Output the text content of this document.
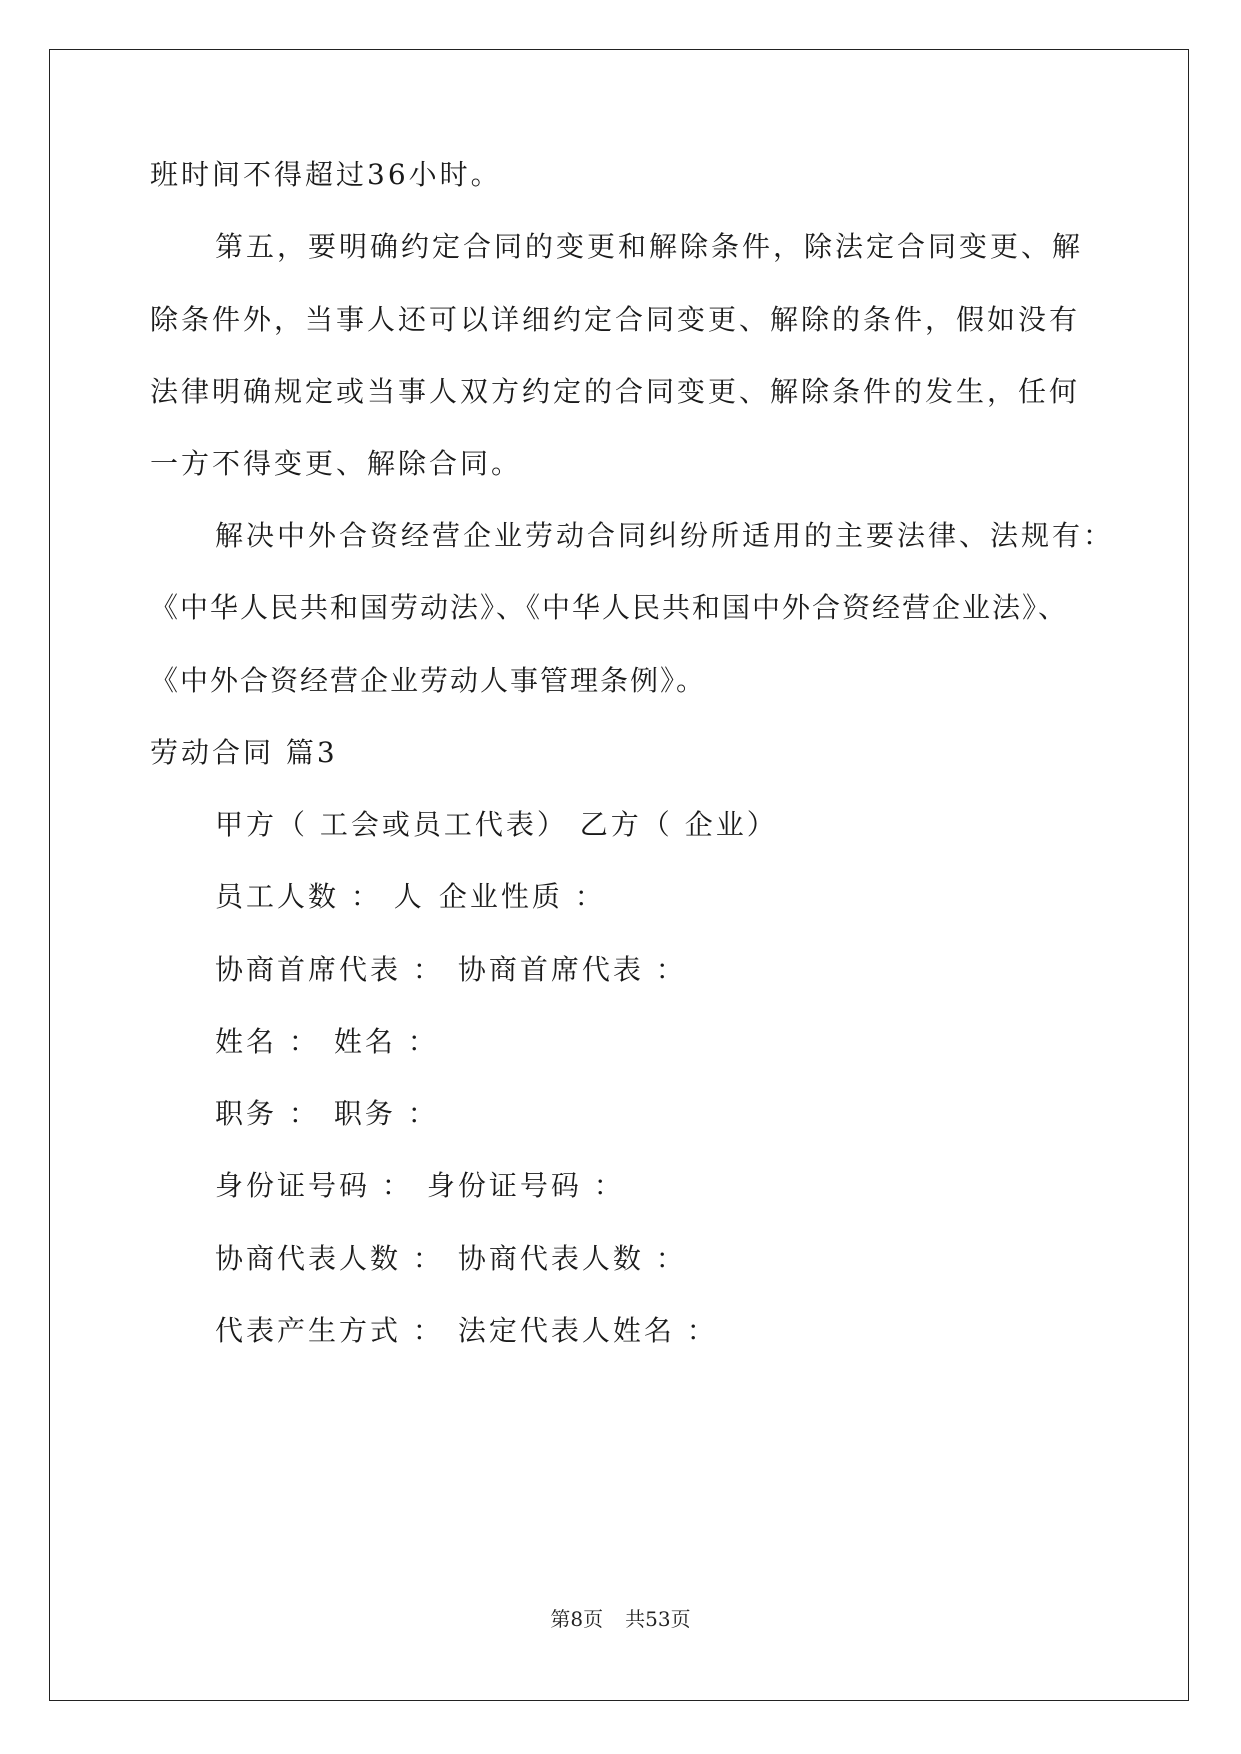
班时间不得超过36小时。
第五，要明确约定合同的变更和解除条件，除法定合同变更、解
除条件外，当事人还可以详细约定合同变更、解除的条件，假如没有
法律明确规定或当事人双方约定的合同变更、解除条件的发生，任何
一方不得变更、解除合同。
解决中外合资经营企业劳动合同纠纷所适用的主要法律、法规有：
《中华人民共和国劳动法》、《中华人民共和国中外合资经营企业法》、
《中外合资经营企业劳动人事管理条例》。
劳动合同 篇3
甲方（ 工会或员工代表） 乙方（ 企业）
员工人数 ： 人 企业性质 ：
协商首席代表 ： 协商首席代表 ：
姓名 ： 姓名 ：
职务 ： 职务 ：
身份证号码 ： 身份证号码 ：
协商代表人数 ： 协商代表人数 ：
代表产生方式 ： 法定代表人姓名 ：
第8页 共53页
